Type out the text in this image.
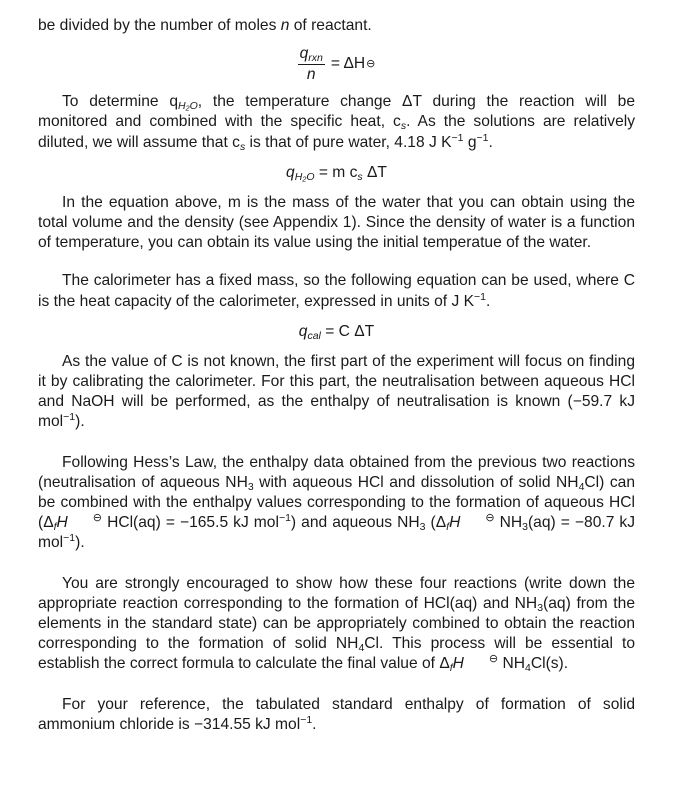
be divided by the number of moles n of reactant.

$\frac{q_{rxn}}{n} = \Delta H$ ⊖

To determine $q_{H_2O}$, the temperature change ΔT during the reaction will be monitored and combined with the specific heat, $c_s$. As the solutions are relatively diluted, we will assume that $c_s$ is that of pure water, 4.18 J $K^{-1}$ $g^{-1}$.

$q_{H_2O} = m$ $c_s$ ΔT

In the equation above, m is the mass of the water that you can obtain using the total volume and the density (see Appendix 1). Since the density of water is a function of temperature, you can obtain its value using the initial temperatue of the water.

The calorimeter has a fixed mass, so the following equation can be used, where C is the heat capacity of the calorimeter, expressed in units of J $K^{-1}$.

$q_{cal} = C$ ΔT

As the value of C is not known, the first part of the experiment will focus on finding it by calibrating the calorimeter. For this part, the neutralisation between aqueous HCl and NaOH will be performed, as the enthalpy of neutralisation is known (−59.7 kJ mol$^{-1}$).

Following Hess’s Law, the enthalpy data obtained from the previous two reactions (neutralisation of aqueous $NH_3$ with aqueous HCl and dissolution of solid $NH_4Cl$) can be combined with the enthalpy values corresponding to the formation of aqueous HCl ($\Delta_fH$ ⊖ HCl(aq) = −165.5 kJ mol$^{-1}$) and aqueous $NH_3$ ($\Delta_fH$ ⊖ $NH_3(aq) = -80.7$ kJ mol$^{-1}$).

You are strongly encouraged to show how these four reactions (write down the appropriate reaction corresponding to the formation of HCl(aq) and $NH_3(aq)$ from the elements in the standard state) can be appropriately combined to obtain the reaction corresponding to the formation of solid $NH_4Cl$. This process will be essential to establish the correct formula to calculate the final value of $\Delta_fH$ ⊖ $NH_4Cl(s)$.

For your reference, the tabulated standard enthalpy of formation of solid ammonium chloride is −314.55 kJ mol$^{-1}$.
